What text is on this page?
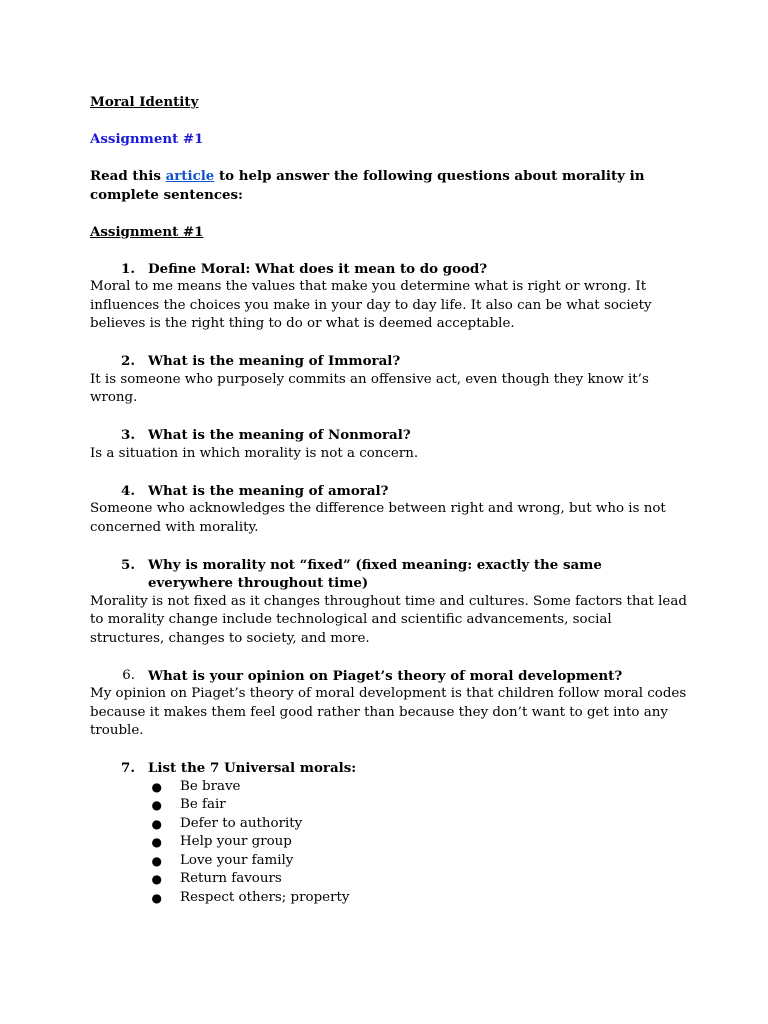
Moral Identity

Assignment #1

Read this article to help answer the following questions about morality in complete sentences:

Assignment #1

1. Define Moral: What does it mean to do good?

Moral to me means the values that make you determine what is right or wrong. It influences the choices you make in your day to day life. It also can be what society believes is the right thing to do or what is deemed acceptable.

2. What is the meaning of Immoral?

It is someone who purposely commits an offensive act, even though they know it’s wrong.

3. What is the meaning of Nonmoral?

Is a situation in which morality is not a concern.

4. What is the meaning of amoral?

Someone who acknowledges the difference between right and wrong, but who is not concerned with morality.

5. Why is morality not “fixed” (fixed meaning: exactly the same everywhere throughout time)

Morality is not fixed as it changes throughout time and cultures. Some factors that lead to morality change include technological and scientific advancements, social structures, changes to society, and more.

6. What is your opinion on Piaget’s theory of moral development?

My opinion on Piaget’s theory of moral development is that children follow moral codes because it makes them feel good rather than because they don’t want to get into any trouble.

7. List the 7 Universal morals:
●	Be brave
●	Be fair
●	Defer to authority
●	Help your group
●	Love your family
●	Return favours
●	Respect others; property
